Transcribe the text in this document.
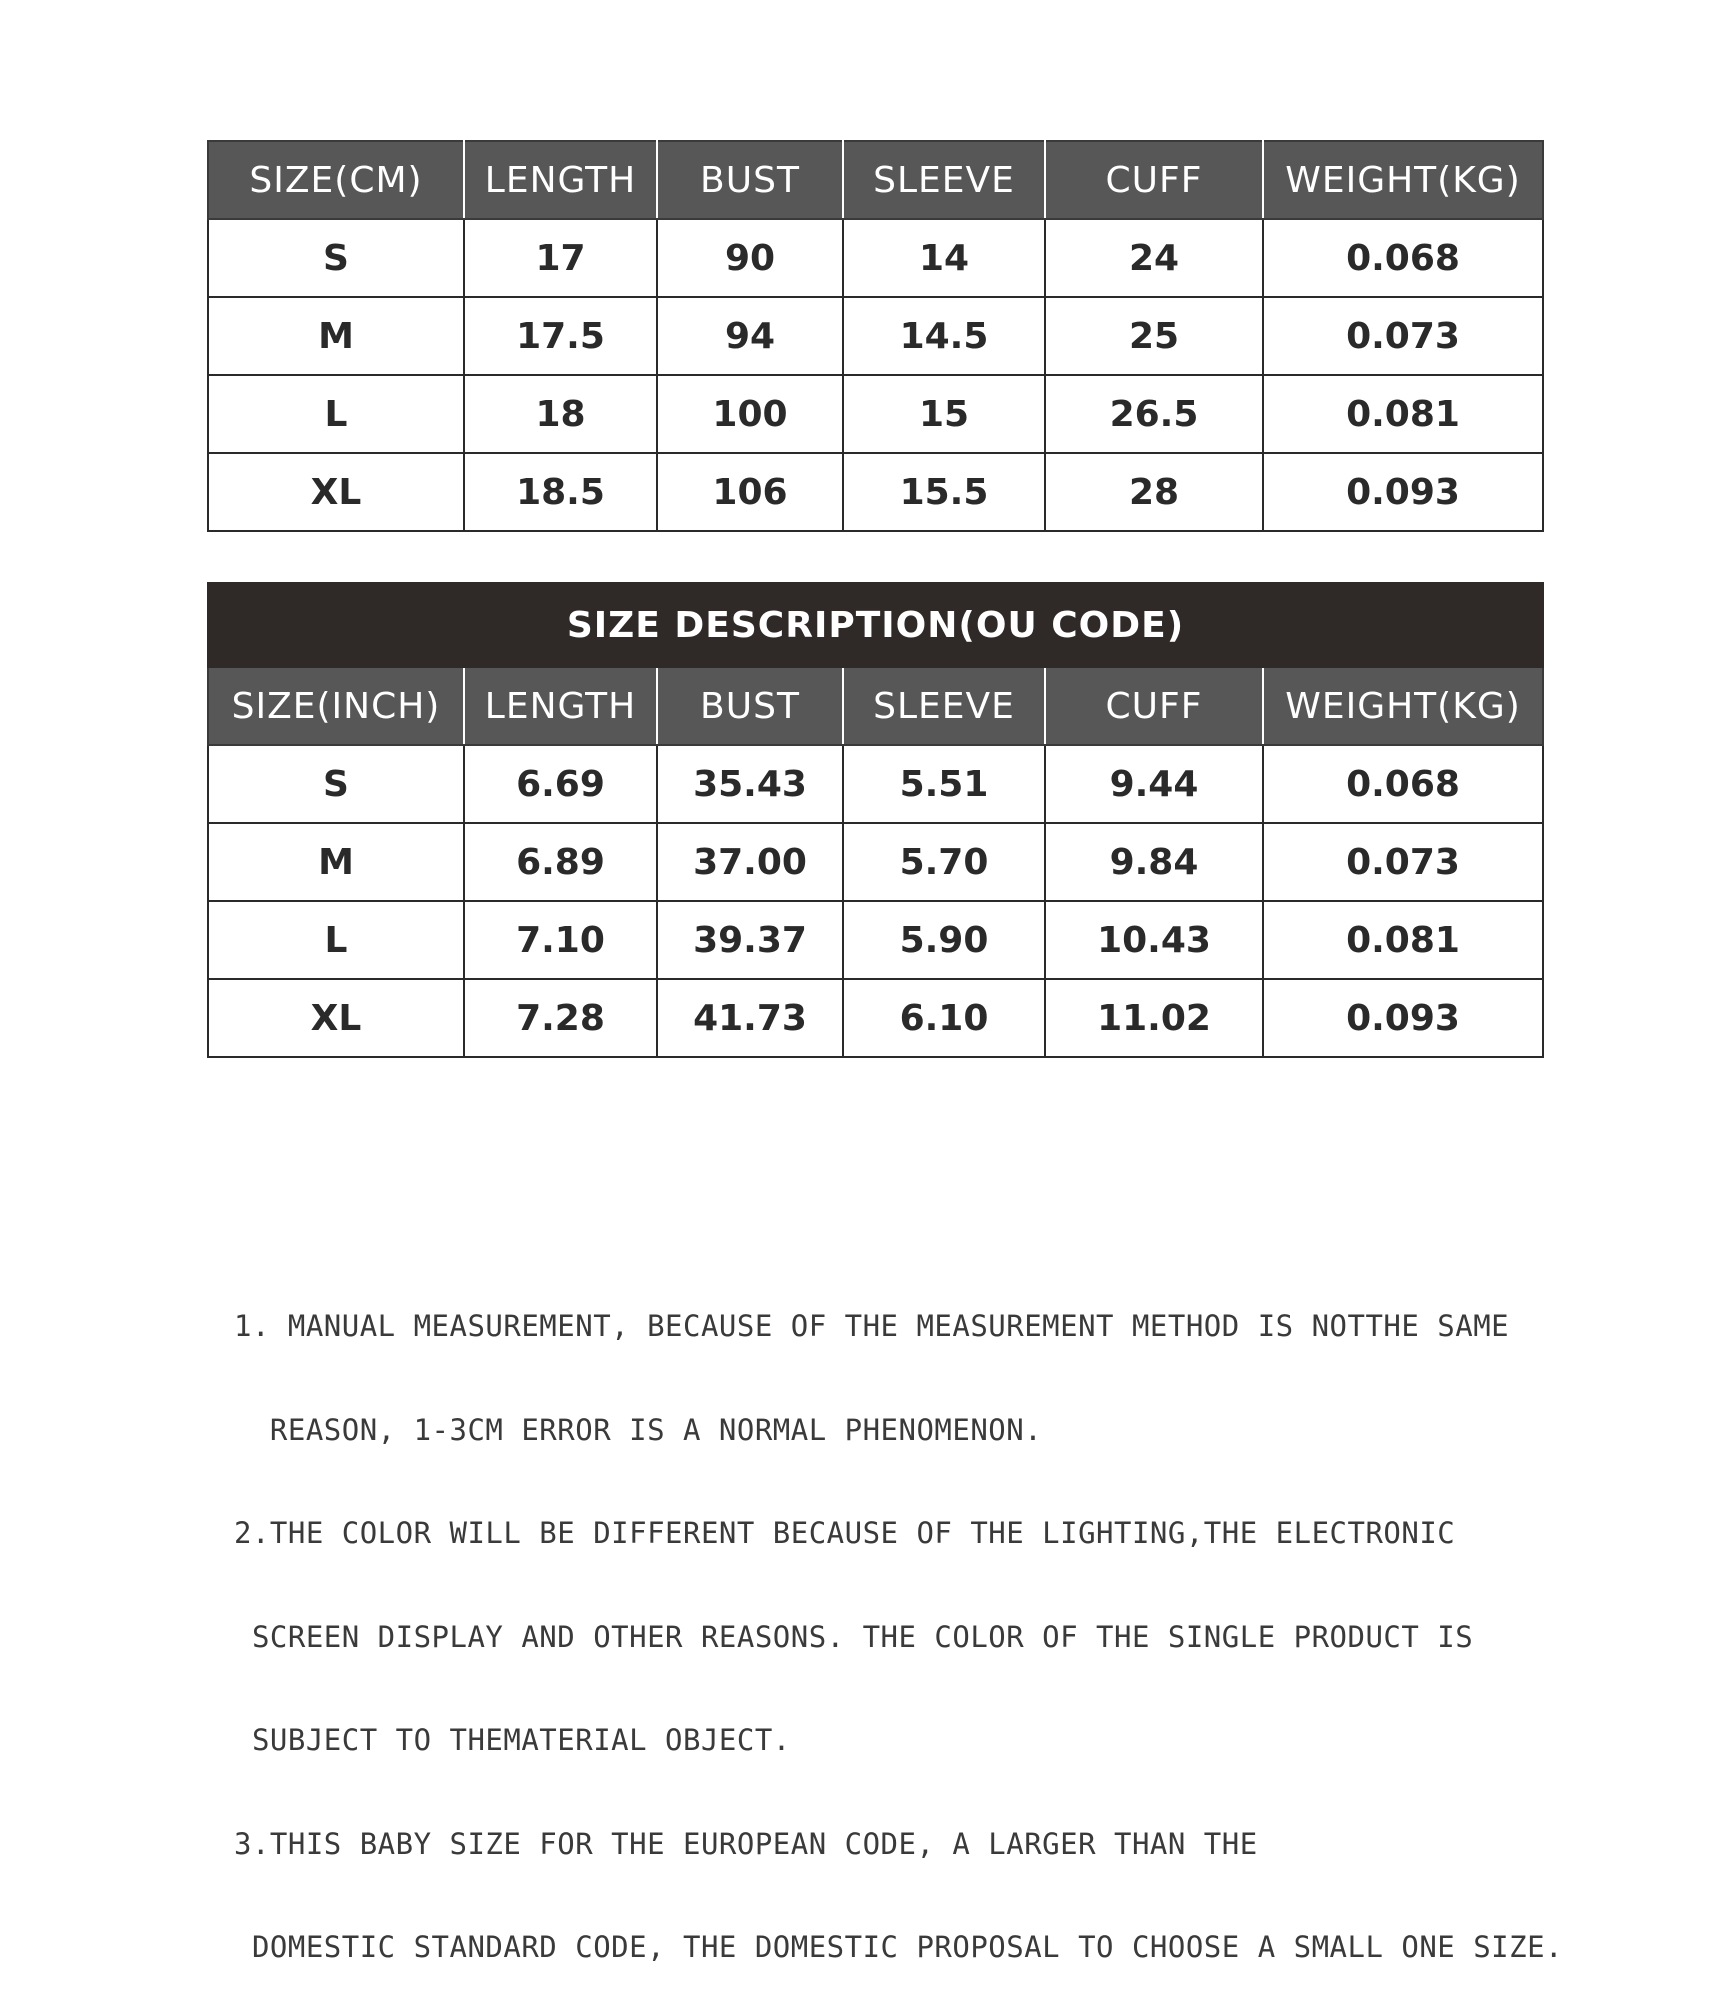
SIZE(CM)	LENGTH	BUST	SLEEVE	CUFF	WEIGHT(KG)
S	17	90	14	24	0.068
M	17.5	94	14.5	25	0.073
L	18	100	15	26.5	0.081
XL	18.5	106	15.5	28	0.093
SIZE DESCRIPTION(OU CODE)					
SIZE(INCH)	LENGTH	BUST	SLEEVE	CUFF	WEIGHT(KG)
S	6.69	35.43	5.51	9.44	0.068
M	6.89	37.00	5.70	9.84	0.073
L	7.10	39.37	5.90	10.43	0.081
XL	7.28	41.73	6.10	11.02	0.093

1. MANUAL MEASUREMENT, BECAUSE OF THE MEASUREMENT METHOD IS NOTTHE SAME

REASON, 1-3CM ERROR IS A NORMAL PHENOMENON.

2.THE COLOR WILL BE DIFFERENT BECAUSE OF THE LIGHTING,THE ELECTRONIC

SCREEN DISPLAY AND OTHER REASONS. THE COLOR OF THE SINGLE PRODUCT IS

SUBJECT TO THEMATERIAL OBJECT.

3.THIS BABY SIZE FOR THE EUROPEAN CODE, A LARGER THAN THE

DOMESTIC STANDARD CODE, THE DOMESTIC PROPOSAL TO CHOOSE A SMALL ONE SIZE.
